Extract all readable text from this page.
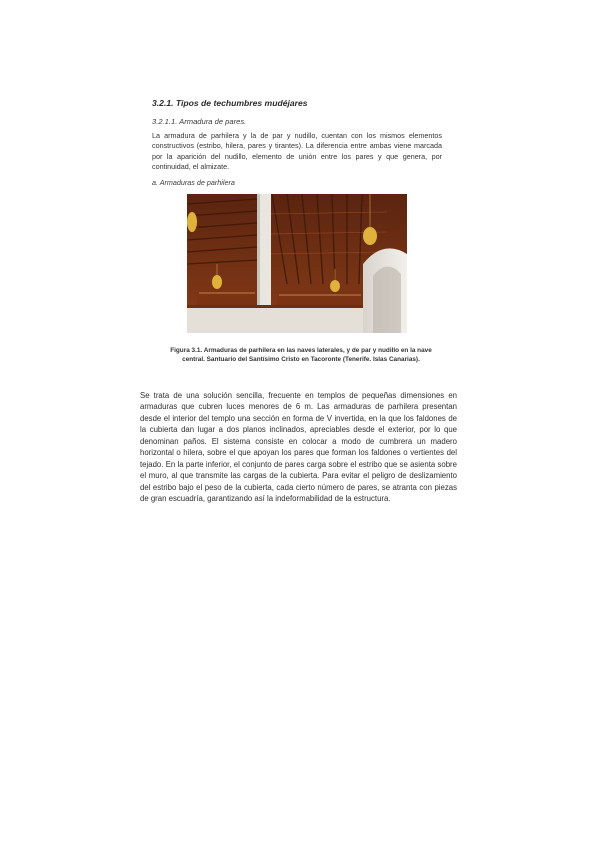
3.2.1. Tipos de techumbres mudéjares
3.2.1.1. Armadura de pares.
La armadura de parhilera y la de par y nudillo, cuentan con los mismos elementos constructivos (estribo, hilera, pares y tirantes). La diferencia entre ambas viene marcada por la aparición del nudillo, elemento de unión entre los pares y que genera, por continuidad, el almizate.
a. Armaduras de parhilera
Figura 3.1. Armaduras de parhilera en las naves laterales, y de par y nudillo en la nave central. Santuario del Santísimo Cristo en Tacoronte (Tenerife. Islas Canarias).
Se trata de una solución sencilla, frecuente en templos de pequeñas dimensiones en armaduras que cubren luces menores de 6 m. Las armaduras de parhilera presentan desde el interior del templo una sección en forma de V invertida, en la que los faldones de la cubierta dan lugar a dos planos inclinados, apreciables desde el exterior, por lo que denominan paños. El sistema consiste en colocar a modo de cumbrera un madero horizontal o hilera, sobre el que apoyan los pares que forman los faldones o vertientes del tejado. En la parte inferior, el conjunto de pares carga sobre el estribo que se asienta sobre el muro, al que transmite las cargas de la cubierta. Para evitar el peligro de deslizamiento del estribo bajo el peso de la cubierta, cada cierto número de pares, se atranta con piezas de gran escuadría, garantizando así la indeformabilidad de la estructura.
